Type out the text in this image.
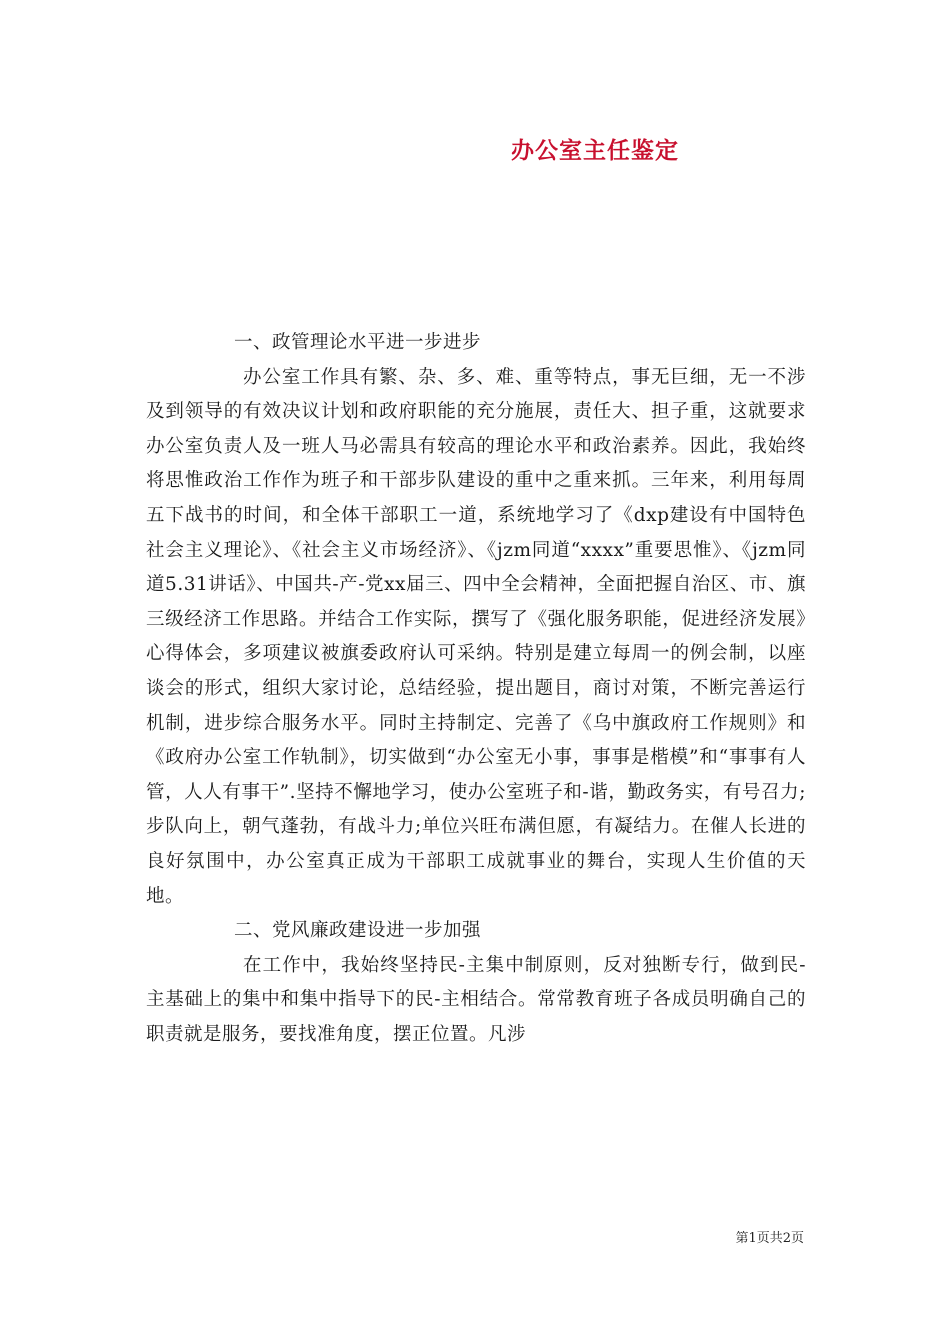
办公室主任鉴定
一、政管理论水平进一步进步

办公室工作具有繁、杂、多、难、重等特点，事无巨细，无一不涉及到领导的有效决议计划和政府职能的充分施展，责任大、担子重，这就要求办公室负责人及一班人马必需具有较高的理论水平和政治素养。因此，我始终将思惟政治工作作为班子和干部步队建设的重中之重来抓。三年来，利用每周五下战书的时间，和全体干部职工一道，系统地学习了《dxp建设有中国特色社会主义理论》、《社会主义市场经济》、《jzm同道“xxxx”重要思惟》、《jzm同道5.31讲话》、中国共-产-党xx届三、四中全会精神，全面把握自治区、市、旗三级经济工作思路。并结合工作实际，撰写了《强化服务职能，促进经济发展》心得体会，多项建议被旗委政府认可采纳。特别是建立每周一的例会制，以座谈会的形式，组织大家讨论，总结经验，提出题目，商讨对策，不断完善运行机制，进步综合服务水平。同时主持制定、完善了《乌中旗政府工作规则》和《政府办公室工作轨制》，切实做到“办公室无小事，事事是楷模”和“事事有人管，人人有事干”.坚持不懈地学习，使办公室班子和-谐，勤政务实，有号召力;步队向上，朝气蓬勃，有战斗力;单位兴旺布满但愿，有凝结力。在催人长进的良好氛围中，办公室真正成为干部职工成就事业的舞台，实现人生价值的天地。

二、党风廉政建设进一步加强

在工作中，我始终坚持民-主集中制原则，反对独断专行，做到民-主基础上的集中和集中指导下的民-主相结合。常常教育班子各成员明确自己的职责就是服务，要找准角度，摆正位置。凡涉

第1页共2页
